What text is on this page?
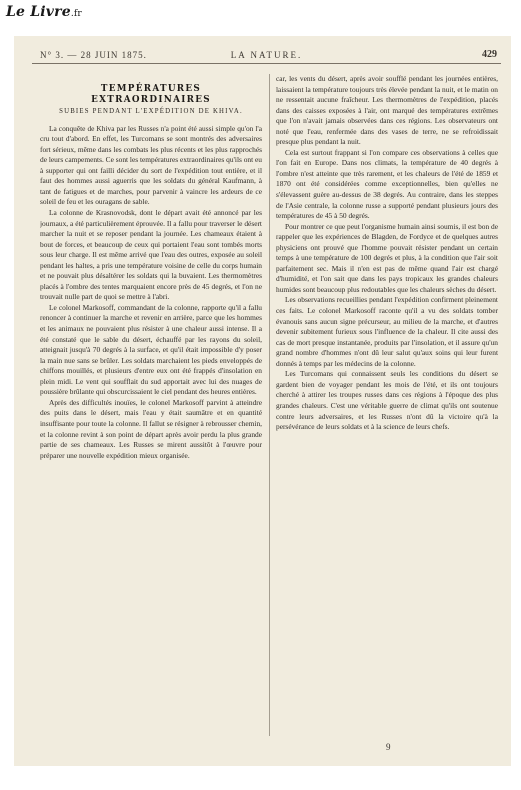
Le Livre.fr
N° 3. — 28 JUIN 1875.	LA NATURE.	429
TEMPÉRATURES EXTRAORDINAIRES
SUBIES PENDANT L'EXPÉDITION DE KHIVA.

La conquête de Khiva par les Russes n'a point été aussi simple qu'on l'a cru tout d'abord. En effet, les Turcomans se sont montrés des adversaires fort sérieux, même dans les combats les plus récents et les plus rapprochés de leurs campements. Ce sont les températures extraordinaires qu'ils ont eu à supporter qui ont failli décider du sort de l'expédition tout entière, et il faut des hommes aussi aguerris que les soldats du général Kaufmann, à tant de fatigues et de marches, pour parvenir à vaincre les ardeurs de ce soleil de feu et les ouragans de sable.

La colonne de Krasnovodsk, dont le départ avait été annoncé par les journaux, a été particulièrement éprouvée. Il a fallu pour traverser le désert marcher la nuit et se reposer pendant la journée. Les chameaux étaient à bout de forces, et beaucoup de ceux qui portaient l'eau sont tombés morts sous leur charge. Il est même arrivé que l'eau des outres, exposée au soleil pendant les haltes, a pris une température voisine de celle du corps humain et ne pouvait plus désaltérer les soldats qui la buvaient. Les thermomètres placés à l'ombre des tentes marquaient encore près de 45 degrés, et l'on ne trouvait nulle part de quoi se mettre à l'abri.

Le colonel Markosoff, commandant de la colonne, rapporte qu'il a fallu renoncer à continuer la marche et revenir en arrière, parce que les hommes et les animaux ne pouvaient plus résister à une chaleur aussi intense. Il a été constaté que le sable du désert, échauffé par les rayons du soleil, atteignait jusqu'à 70 degrés à la surface, et qu'il était impossible d'y poser la main nue sans se brûler. Les soldats marchaient les pieds enveloppés de chiffons mouillés, et plusieurs d'entre eux ont été frappés d'insolation en plein midi. Le vent qui soufflait du sud apportait avec lui des nuages de poussière brûlante qui obscurcissaient le ciel pendant des heures entières.

Après des difficultés inouïes, le colonel Markosoff parvint à atteindre des puits dans le désert, mais l'eau y était saumâtre et en quantité insuffisante pour toute la colonne. Il fallut se résigner à rebrousser chemin, et la colonne revint à son point de départ après avoir perdu la plus grande partie de ses chameaux. Les Russes se mirent aussitôt à l'œuvre pour préparer une nouvelle expédition mieux organisée.

car, les vents du désert, après avoir soufflé pendant les journées entières, laissaient la température toujours très élevée pendant la nuit, et le matin on ne ressentait aucune fraîcheur. Les thermomètres de l'expédition, placés dans des caisses exposées à l'air, ont marqué des températures extrêmes que l'on n'avait jamais observées dans ces régions. Les observateurs ont noté que l'eau, renfermée dans des vases de terre, ne se refroidissait presque plus pendant la nuit.

Cela est surtout frappant si l'on compare ces observations à celles que l'on fait en Europe. Dans nos climats, la température de 40 degrés à l'ombre n'est atteinte que très rarement, et les chaleurs de l'été de 1859 et 1870 ont été considérées comme exceptionnelles, bien qu'elles ne s'élevassent guère au-dessus de 38 degrés. Au contraire, dans les steppes de l'Asie centrale, la colonne russe a supporté pendant plusieurs jours des températures de 45 à 50 degrés.

Pour montrer ce que peut l'organisme humain ainsi soumis, il est bon de rappeler que les expériences de Blagden, de Fordyce et de quelques autres physiciens ont prouvé que l'homme pouvait résister pendant un certain temps à une température de 100 degrés et plus, à la condition que l'air soit parfaitement sec. Mais il n'en est pas de même quand l'air est chargé d'humidité, et l'on sait que dans les pays tropicaux les grandes chaleurs humides sont beaucoup plus redoutables que les chaleurs sèches du désert.

Les observations recueillies pendant l'expédition confirment pleinement ces faits. Le colonel Markosoff raconte qu'il a vu des soldats tomber évanouis sans aucun signe précurseur, au milieu de la marche, et d'autres devenir subitement furieux sous l'influence de la chaleur. Il cite aussi des cas de mort presque instantanée, produits par l'insolation, et il assure qu'un grand nombre d'hommes n'ont dû leur salut qu'aux soins qui leur furent donnés à temps par les médecins de la colonne.

Les Turcomans qui connaissent seuls les conditions du désert se gardent bien de voyager pendant les mois de l'été, et ils ont toujours cherché à attirer les troupes russes dans ces régions à l'époque des plus grandes chaleurs. C'est une véritable guerre de climat qu'ils ont soutenue contre leurs adversaires, et les Russes n'ont dû la victoire qu'à la persévérance de leurs soldats et à la science de leurs chefs.

9
